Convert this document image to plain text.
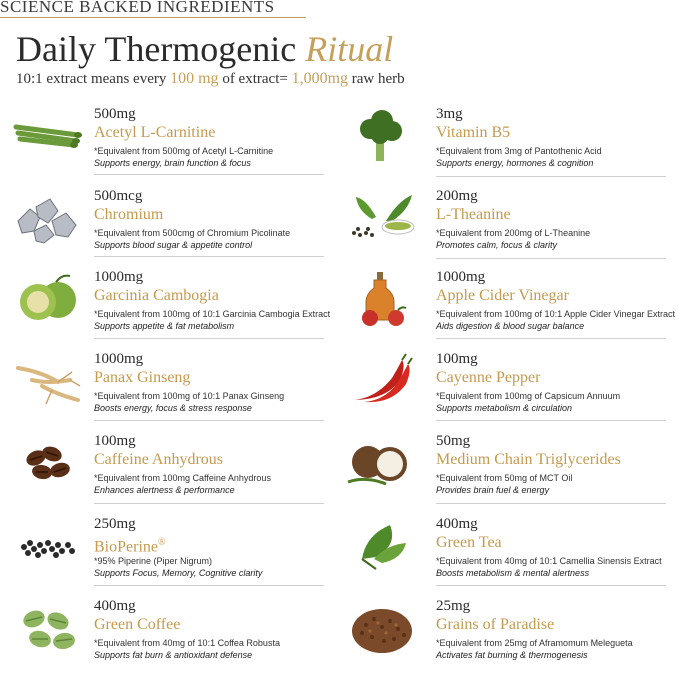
SCIENCE BACKED INGREDIENTS
Daily Thermogenic Ritual
10:1 extract means every 100 mg of extract= 1,000mg raw herb
500mg
Acetyl L-Carnitine
*Equivalent from 500mg of Acetyl L-Carnitine
Supports energy, brain function & focus
500mcg
Chromium
*Equivalent from 500cmg of Chromium Picolinate
Supports blood sugar & appetite control
1000mg
Garcinia Cambogia
*Equivalent from 100mg of 10:1 Garcinia Cambogia Extract
Supports appetite & fat metabolism
1000mg
Panax Ginseng
*Equivalent from 100mg of 10:1 Panax Ginseng
Boosts energy, focus & stress response
100mg
Caffeine Anhydrous
*Equivalent from 100mg Caffeine Anhydrous
Enhances alertness & performance
250mg
BioPerine®
*95% Piperine (Piper Nigrum)
Supports Focus, Memory, Cognitive clarity
400mg
Green Coffee
*Equivalent from 40mg of 10:1 Coffea Robusta
Supports fat burn & antioxidant defense
3mg
Vitamin B5
*Equivalent from 3mg of Pantothenic Acid
Supports energy, hormones & cognition
200mg
L-Theanine
*Equivalent from 200mg of L-Theanine
Promotes calm, focus & clarity
1000mg
Apple Cider Vinegar
*Equivalent from 100mg of 10:1 Apple Cider Vinegar Extract
Aids digestion & blood sugar balance
100mg
Cayenne Pepper
*Equivalent from 100mg of Capsicum Annuum
Supports metabolism & circulation
50mg
Medium Chain Triglycerides
*Equivalent from 50mg of MCT Oil
Provides brain fuel & energy
400mg
Green Tea
*Equivalent from 40mg of 10:1 Camellia Sinensis Extract
Boosts metabolism & mental alertness
25mg
Grains of Paradise
*Equivalent from 25mg of Aframomum Melegueta
Activates fat burning & thermogenesis
